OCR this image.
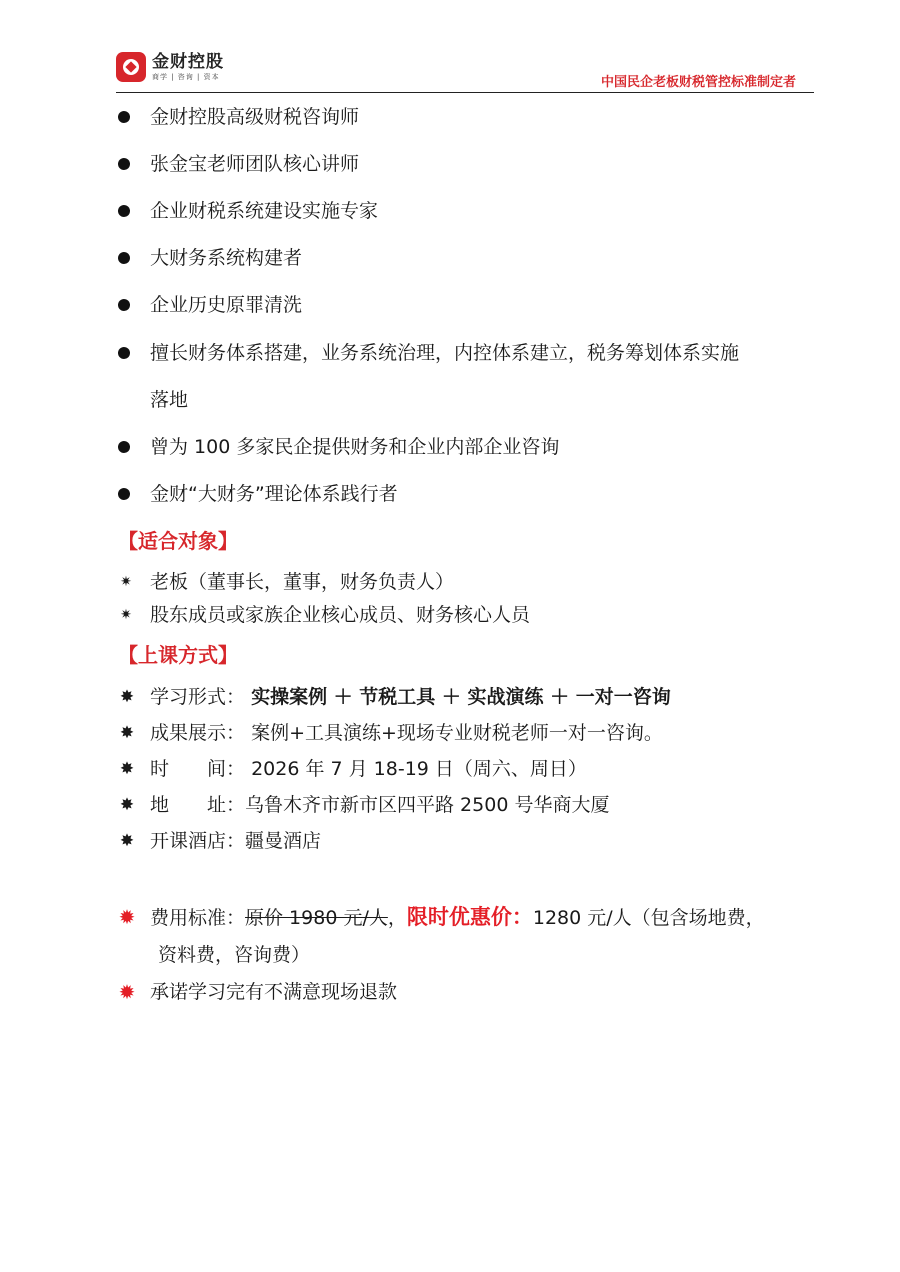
金财控股
商学 | 咨询 | 资本	中国民企老板财税管控标准制定者
金财控股高级财税咨询师
张金宝老师团队核心讲师
企业财税系统建设实施专家
大财务系统构建者
企业历史原罪清洗
擅长财务体系搭建，业务系统治理，内控体系建立，税务筹划体系实施
落地
曾为 100 多家民企提供财务和企业内部企业咨询
金财“大财务”理论体系践行者
【适合对象】
✷ 老板（董事长，董事，财务负责人）
✷ 股东成员或家族企业核心成员、财务核心人员
【上课方式】
✸ 学习形式： 实操案例 ＋ 节税工具 ＋ 实战演练 ＋ 一对一咨询
✸ 成果展示： 案例+工具演练+现场专业财税老师一对一咨询。
✸ 时　　间： 2026 年 7 月 18-19 日（周六、周日）
✸ 地　　址：乌鲁木齐市新市区四平路 2500 号华商大厦
✸ 开课酒店：疆曼酒店
✹ 费用标准：原价 1980 元/人，限时优惠价：1280 元/人（包含场地费，
资料费，咨询费）
✹ 承诺学习完有不满意现场退款
